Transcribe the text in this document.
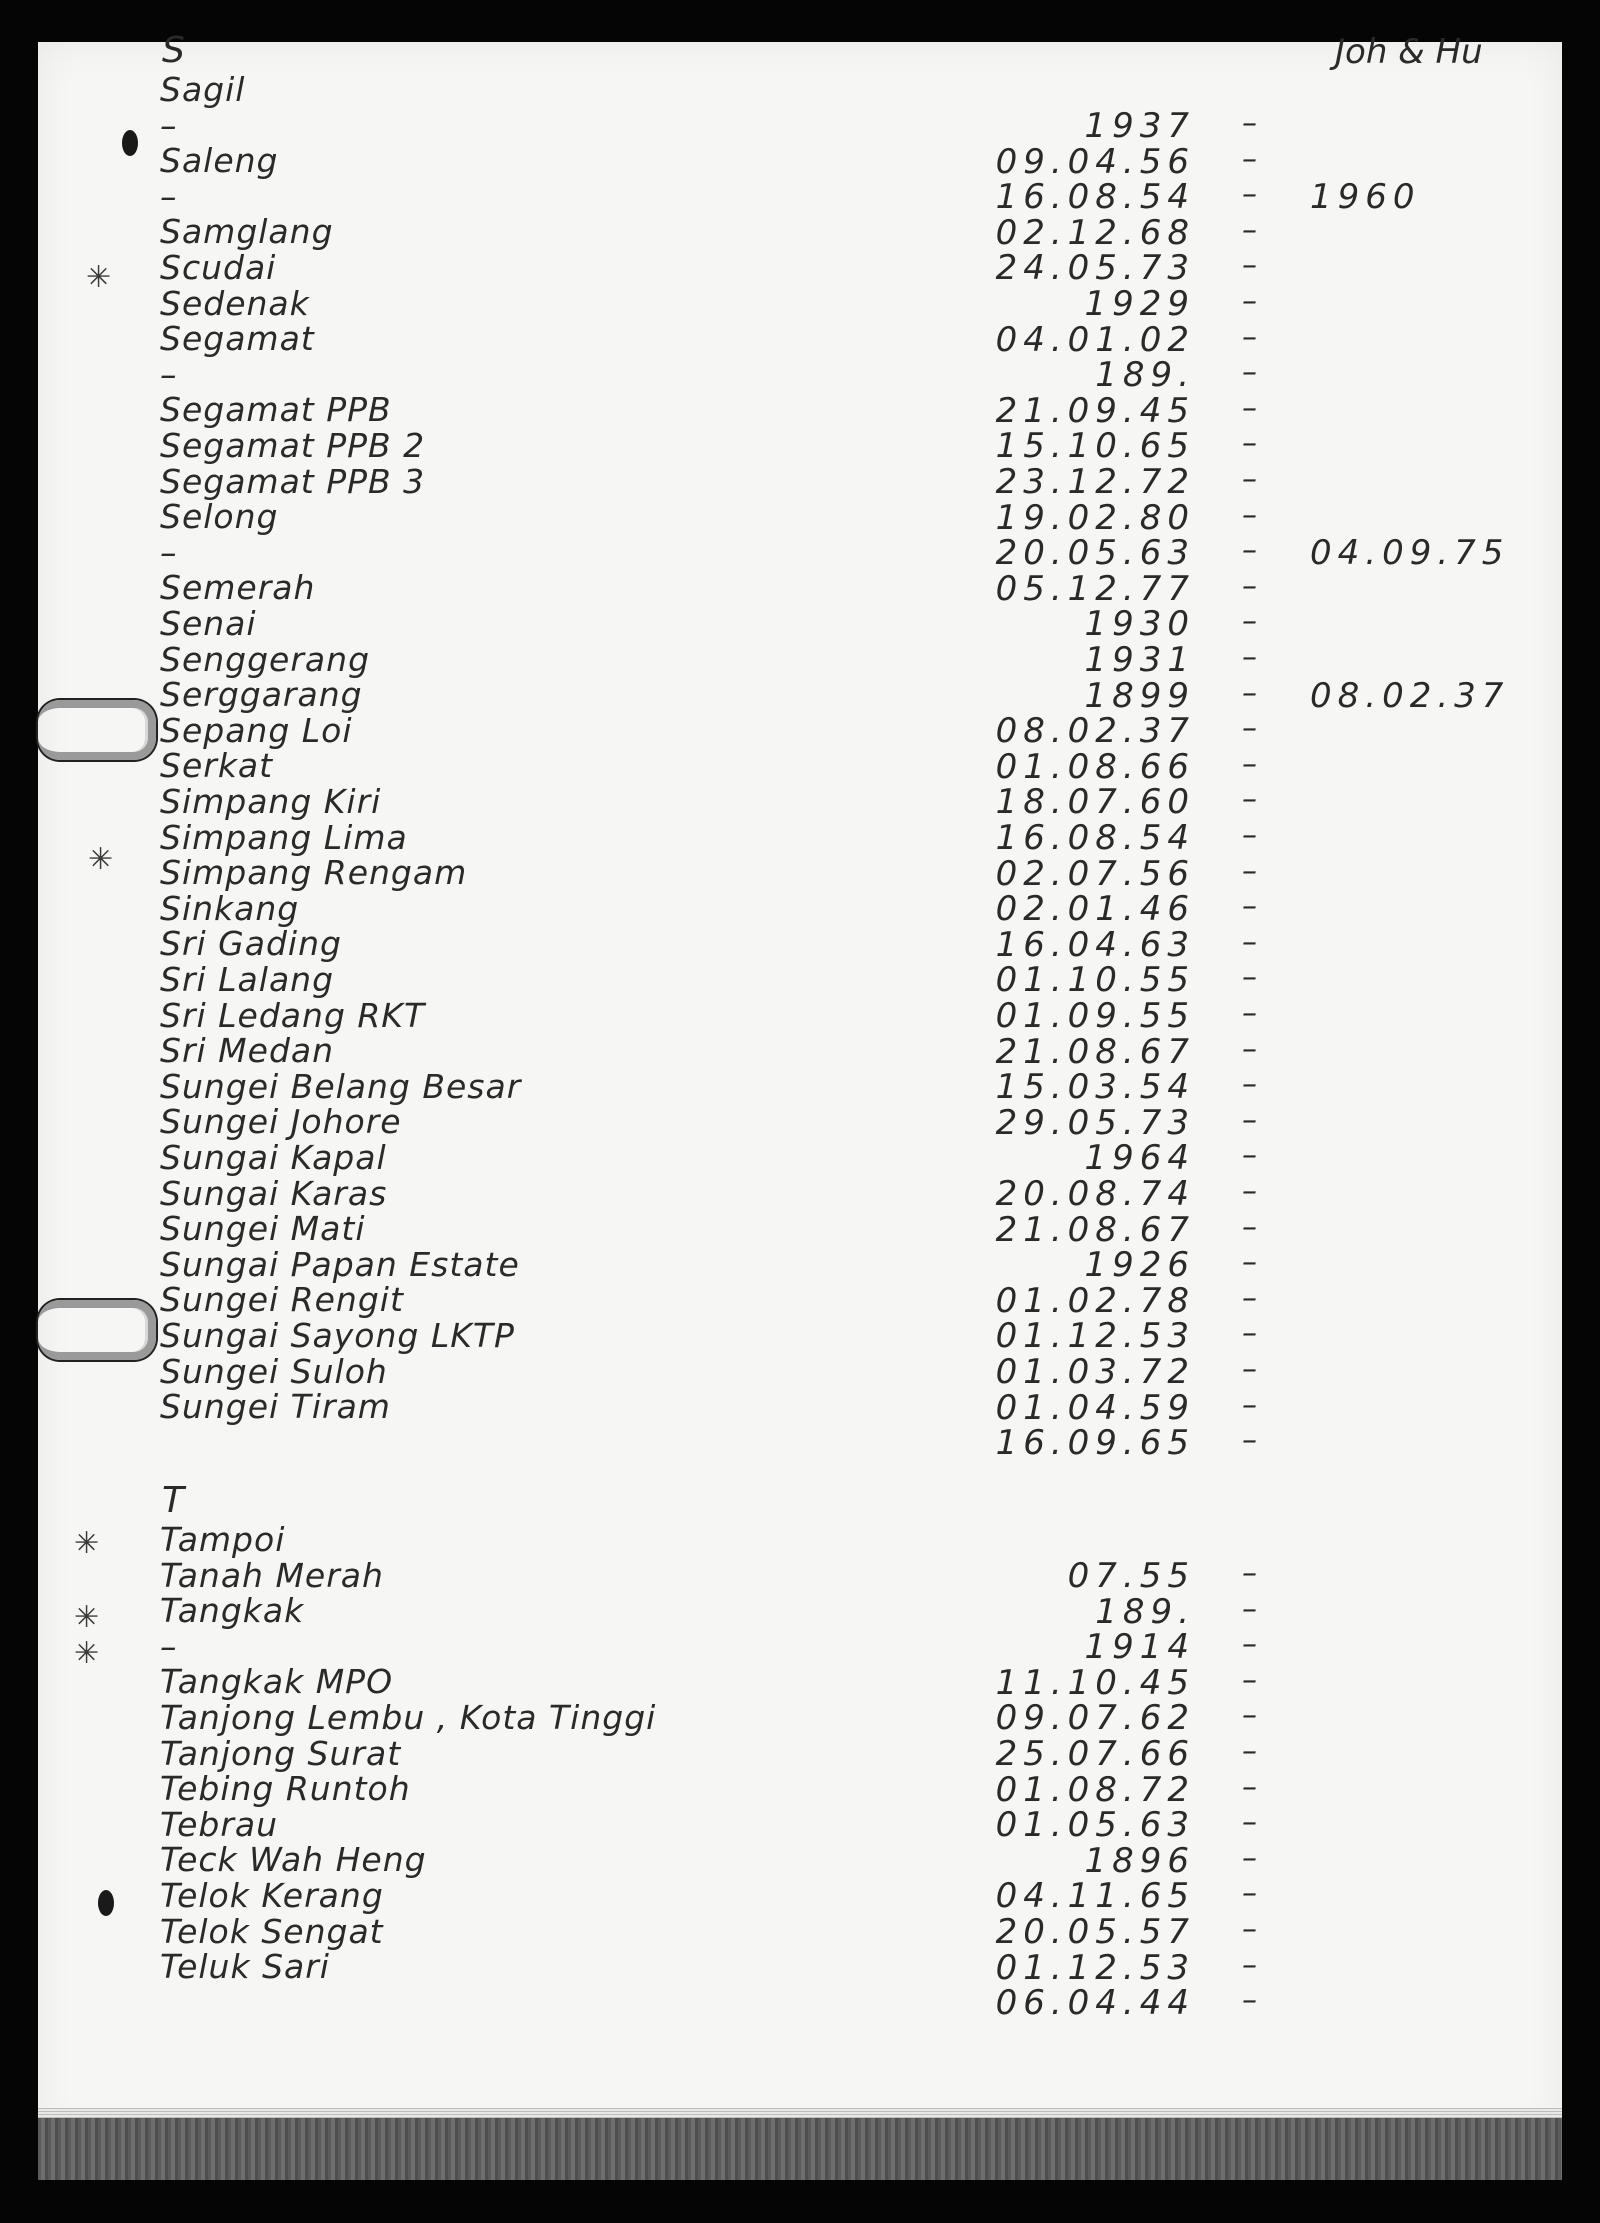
✳
✳
✳
✳
✳
Joh & Hu
S
Sagil
1937 –
–
09.04.56 –
Saleng
16.08.54 – 1960
–
02.12.68 –
Samglang
24.05.73 –
Scudai
1929 –
Sedenak
04.01.02 –
Segamat
189. –
–
21.09.45 –
Segamat PPB
15.10.65 –
Segamat PPB 2
23.12.72 –
Segamat PPB 3
19.02.80 –
Selong
20.05.63 – 04.09.75
–
05.12.77 –
Semerah
1930 –
Senai
1931 –
Senggerang
1899 – 08.02.37
Serggarang
08.02.37 –
Sepang Loi
01.08.66 –
Serkat
18.07.60 –
Simpang Kiri
16.08.54 –
Simpang Lima
02.07.56 –
Simpang Rengam
02.01.46 –
Sinkang
16.04.63 –
Sri Gading
01.10.55 –
Sri Lalang
01.09.55 –
Sri Ledang RKT
21.08.67 –
Sri Medan
15.03.54 –
Sungei Belang Besar
29.05.73 –
Sungei Johore
1964 –
Sungai Kapal
20.08.74 –
Sungai Karas
21.08.67 –
Sungei Mati
1926 –
Sungai Papan Estate
01.02.78 –
Sungei Rengit
01.12.53 –
Sungai Sayong LKTP
01.03.72 –
Sungei Suloh
01.04.59 –
Sungei Tiram
16.09.65 –
T
Tampoi
07.55 –
Tanah Merah
189. –
Tangkak
1914 –
–
11.10.45 –
Tangkak MPO
09.07.62 –
Tanjong Lembu , Kota Tinggi
25.07.66 –
Tanjong Surat
01.08.72 –
Tebing Runtoh
01.05.63 –
Tebrau
1896 –
Teck Wah Heng
04.11.65 –
Telok Kerang
20.05.57 –
Telok Sengat
01.12.53 –
Teluk Sari
06.04.44 –
